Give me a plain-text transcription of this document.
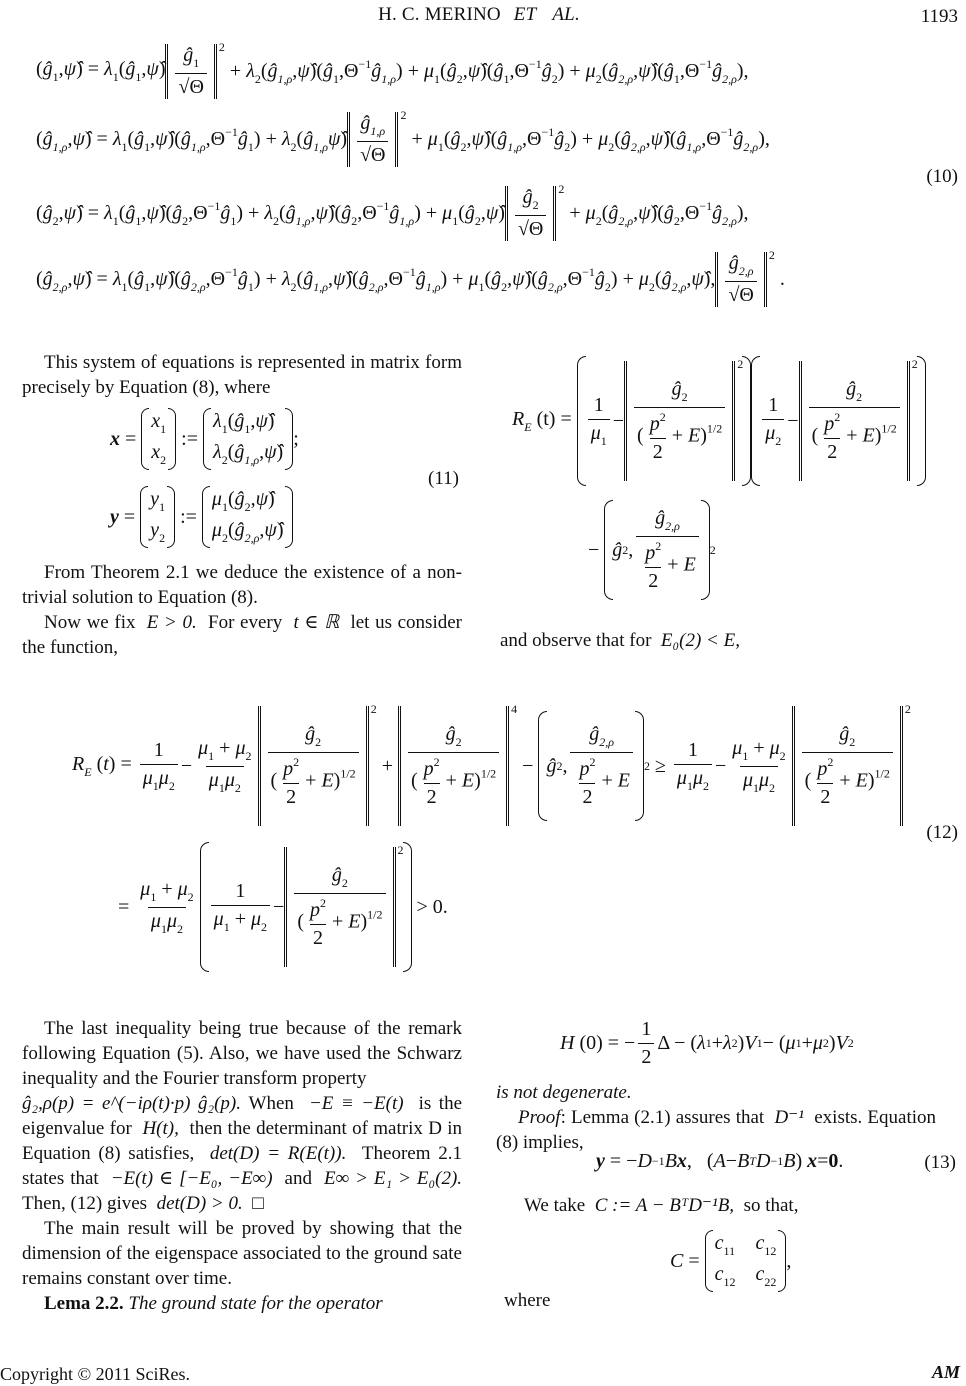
H. C. MERINO ET AL.	1193
$(ĝ_1,\psî)$ = $\lambda_1(ĝ_1,\psî) \frac{ĝ_1}{√\Theta} 2$
+ $\lambda_2(ĝ_{1,\rho},\psî)(ĝ_1,\Theta^{-1}ĝ_{1,\rho})$ + $\mu_1(ĝ_2,\psî)(ĝ_1,\Theta^{-1}ĝ_2)$ + $\mu_2(ĝ_{2,\rho},\psî)(ĝ_1,\Theta^{-1}ĝ_{2,\rho})$,
$(ĝ_{1,\rho},\psî)$ = $\lambda_1(ĝ_1,\psî)(ĝ_{1,\rho},\Theta^{-1}ĝ_1)$ + $\lambda_2(ĝ_{1,\rho}\psî) \frac{ĝ_{1,\rho}}{√\Theta} 2$
+ $\mu_1(ĝ_2,\psî)(ĝ_{1,\rho},\Theta^{-1}ĝ_2)$ + $\mu_2(ĝ_{2,\rho},\psî)(ĝ_{1,\rho},\Theta^{-1}ĝ_{2,\rho})$,
(10)
$(ĝ_2,\psî)$ = $\lambda_1(ĝ_1,\psî)(ĝ_2,\Theta^{-1}ĝ_1)$ + $\lambda_2(ĝ_{1,\rho},\psî)(ĝ_2,\Theta^{-1}ĝ_{1,\rho})$ + $\mu_1(ĝ_2,\psî) \frac{ĝ_2}{√\Theta} 2$
+ $\mu_2(ĝ_{2,\rho},\psî)(ĝ_2,\Theta^{-1}ĝ_{2,\rho})$,
$(ĝ_{2,\rho},\psî)$ = $\lambda_1(ĝ_1,\psî)(ĝ_{2,\rho},\Theta^{-1}ĝ_1)$ + $\lambda_2(ĝ_{1,\rho},\psî)(ĝ_{2,\rho},\Theta^{-1}ĝ_{1,\rho})$ + $\mu_1(ĝ_2,\psî)(ĝ_{2,\rho},\Theta^{-1}ĝ_2)$ + $\mu_2(ĝ_{2,\rho},\psî)$, $\frac{ĝ_{2,\rho}}{√\Theta} 2$
.

This system of equations is represented in matrix form precisely by Equation (8), where

x =
$x_1$
$x_2$
:=
$\lambda_1(ĝ_1,\psî)$
$\lambda_2(ĝ_{1,\rho},\psî)$
;
(11)
y =
$y_1$
$y_2$
:=
$\mu_1(ĝ_2,\psî)$
$\mu_2(ĝ_{2,\rho},\psî)$

From Theorem 2.1 we deduce the existence of a non-trivial solution to Equation (8).

Now we fix E > 0. For every t ∈ ℝ let us consider the function,

$R_E$ $(t) = \frac{1}{\mu_1} - \frac{ĝ_2}{( \frac{p^2}{2} + E)^{1/2}}$
2
$\frac{1}{\mu_2} - \frac{ĝ_2}{( \frac{p^2}{2} + E)^{1/2}}$
2
− ĝ 2 , $\frac{ĝ_{2,\rho}}{\frac{p^2}{2} + E} 2$
and observe that for E₀(2) < E,
$R_E$ $(t) = \frac{1}{\mu_1\mu_2} - \frac{\mu_1 + \mu_2}{\mu_1\mu_2} \frac{ĝ_2}{( \frac{p^2}{2} + E)^{1/2}}$
2
+ $\frac{ĝ_2}{( \frac{p^2}{2} + E)^{1/2}}$
4
− ĝ 2 , $\frac{ĝ_{2,\rho}}{\frac{p^2}{2} + E} 2 \ge \frac{1}{\mu_1\mu_2} - \frac{\mu_1 + \mu_2}{\mu_1\mu_2} \frac{ĝ_2}{( \frac{p^2}{2} + E)^{1/2}}$
2
(12)
= $\frac{\mu_1 + \mu_2}{\mu_1\mu_2} \frac{1}{\mu_1 + \mu_2} - \frac{ĝ_2}{( \frac{p^2}{2} + E)^{1/2}}$
2

> 0.

The last inequality being true because of the remark following Equation (5). Also, we have used the Schwarz inequality and the Fourier transform property

ĝ₂,ρ(p) = e^(−iρ(t)·p) ĝ₂(p). When −E ≡ −E(t) is the eigenvalue for H(t), then the determinant of matrix D in Equation (8) satisfies, det(D) = R(E(t)). Theorem 2.1 states that −E(t) ∈ [−E₀, −E∞) and E∞ > E₁ > E₀(2). Then, (12) gives det(D) > 0. □

The main result will be proved by showing that the dimension of the eigenspace associated to the ground sate remains constant over time.

Lema 2.2. The ground state for the operator

H (0) = − $\frac{1}{2}$ Δ − ( λ 1 + λ 2 ) V 1 − ( μ 1 + μ 2 ) V 2

is not degenerate.

Proof: Lemma (2.1) assures that D⁻¹ exists. Equation (8) implies,

y = − D −1 B x ,   ( A − B T D −1 B ) x = 0 .	(13)
We take C := A − BᵀD⁻¹B, so that,
C =
$c_{11}$ $c_{12}$
$c_{12}$ $c_{22}$
,
where
Copyright © 2011 SciRes.	AM
